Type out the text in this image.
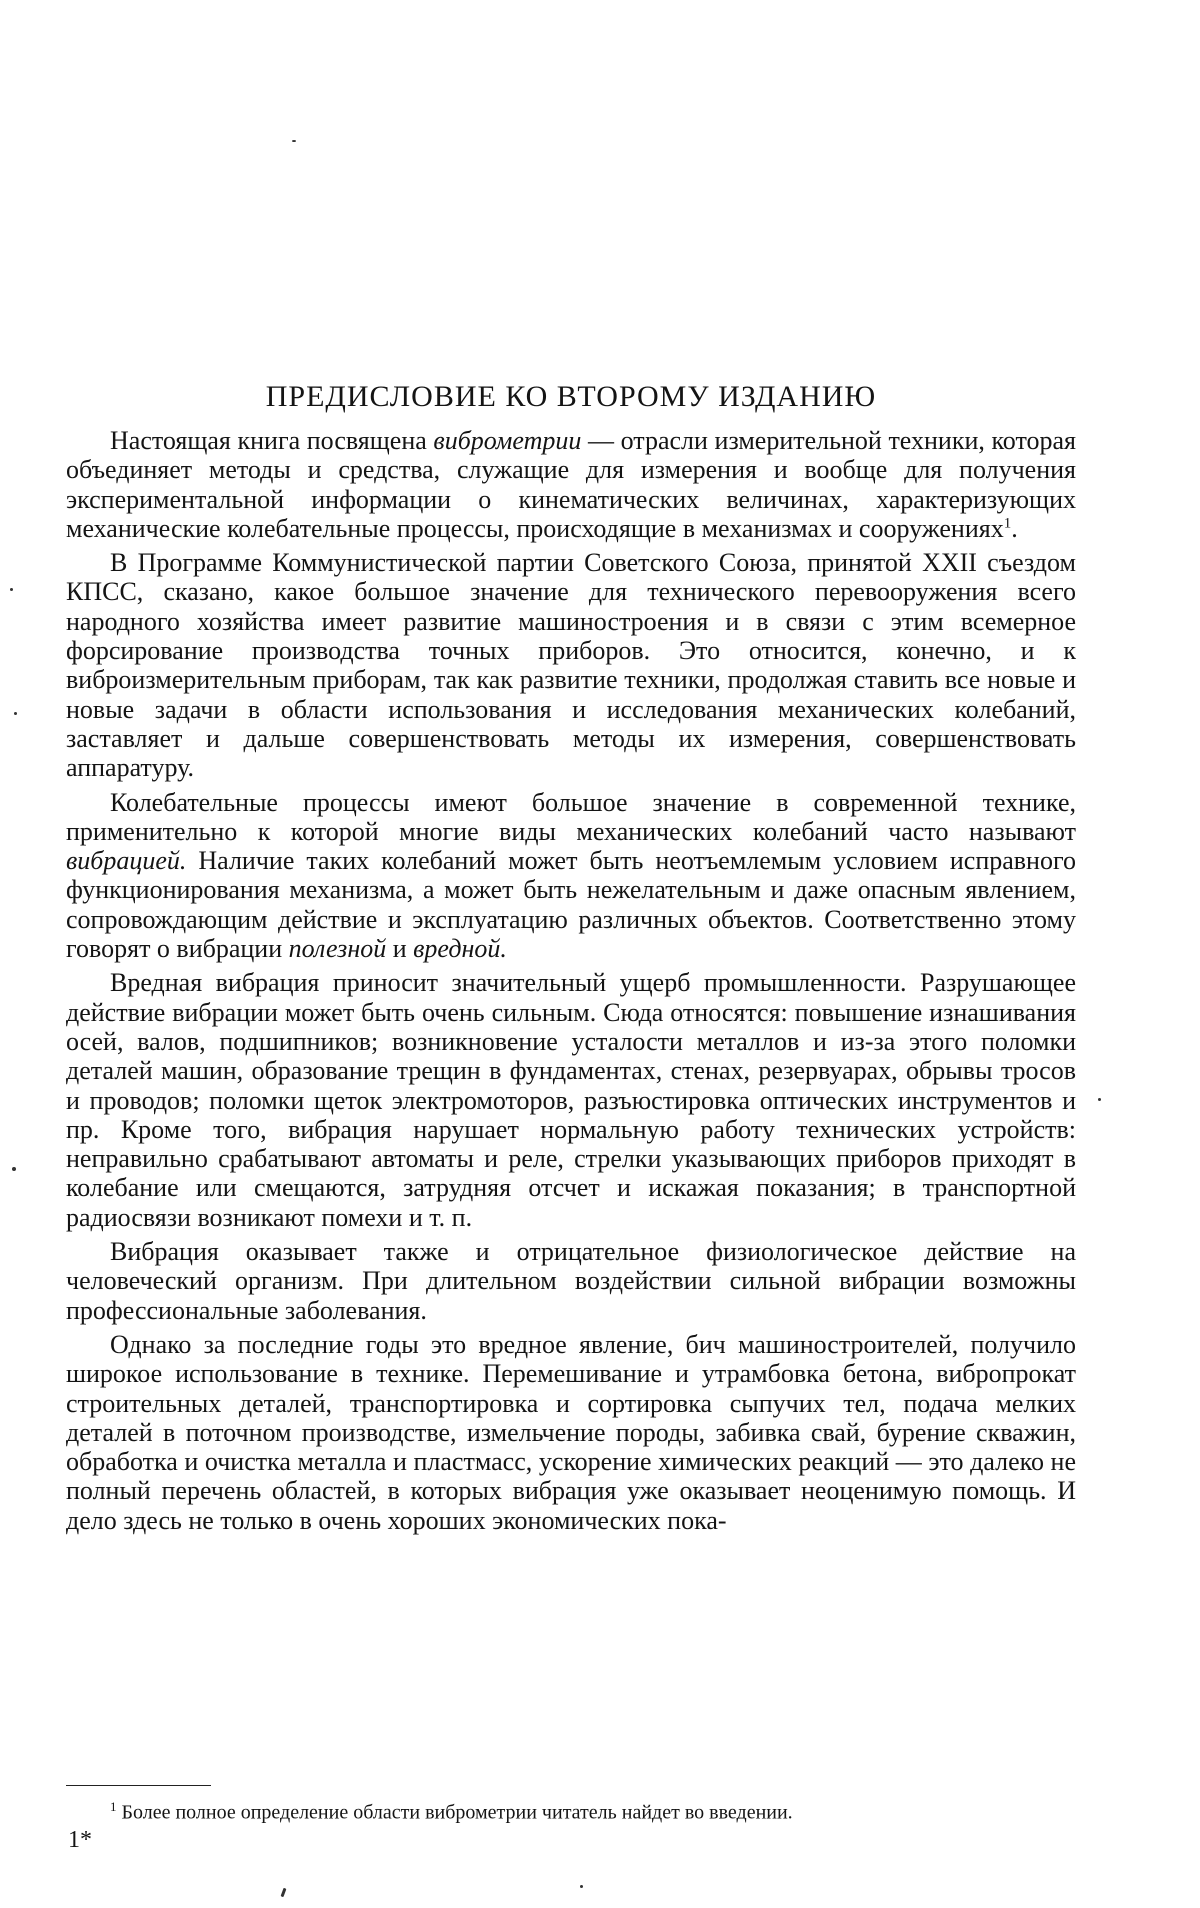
ПРЕДИСЛОВИЕ КО ВТОРОМУ ИЗДАНИЮ

Настоящая книга посвящена виброметрии — отрасли измерительной техники, которая объединяет методы и средства, служащие для измерения и вообще для получения экспериментальной информации о кинематических величинах, характеризующих механические колебательные процессы, происходящие в механизмах и сооружениях$^1$.

В Программе Коммунистической партии Советского Союза, принятой XXII съездом КПСС, сказано, какое большое значение для технического перевооружения всего народного хозяйства имеет развитие машиностроения и в связи с этим всемерное форсирование производства точных приборов. Это относится, конечно, и к виброизмерительным приборам, так как развитие техники, продолжая ставить все новые и новые задачи в области использования и исследования механических колебаний, заставляет и дальше совершенствовать методы их измерения, совершенствовать аппаратуру.

Колебательные процессы имеют большое значение в современной технике, применительно к которой многие виды механических колебаний часто называют вибрацией. Наличие таких колебаний может быть неотъемлемым условием исправного функционирования механизма, а может быть нежелательным и даже опасным явлением, сопровождающим действие и эксплуатацию различных объектов. Соответственно этому говорят о вибрации полезной и вредной.

Вредная вибрация приносит значительный ущерб промышленности. Разрушающее действие вибрации может быть очень сильным. Сюда относятся: повышение изнашивания осей, валов, подшипников; возникновение усталости металлов и из-за этого поломки деталей машин, образование трещин в фундаментах, стенах, резервуарах, обрывы тросов и проводов; поломки щеток электромоторов, разъюстировка оптических инструментов и пр. Кроме того, вибрация нарушает нормальную работу технических устройств: неправильно срабатывают автоматы и реле, стрелки указывающих приборов приходят в колебание или смещаются, затрудняя отсчет и искажая показания; в транспортной радиосвязи возникают помехи и т. п.

Вибрация оказывает также и отрицательное физиологическое действие на человеческий организм. При длительном воздействии сильной вибрации возможны профессиональные заболевания.

Однако за последние годы это вредное явление, бич машиностроителей, получило широкое использование в технике. Перемешивание и утрамбовка бетона, вибропрокат строительных деталей, транспортировка и сортировка сыпучих тел, подача мелких деталей в поточном производстве, измельчение породы, забивка свай, бурение скважин, обработка и очистка металла и пластмасс, ускорение химических реакций — это далеко не полный перечень областей, в которых вибрация уже оказывает неоценимую помощь. И дело здесь не только в очень хороших экономических пока-

$^1$ Более полное определение области виброметрии читатель найдет во введении.

1*
